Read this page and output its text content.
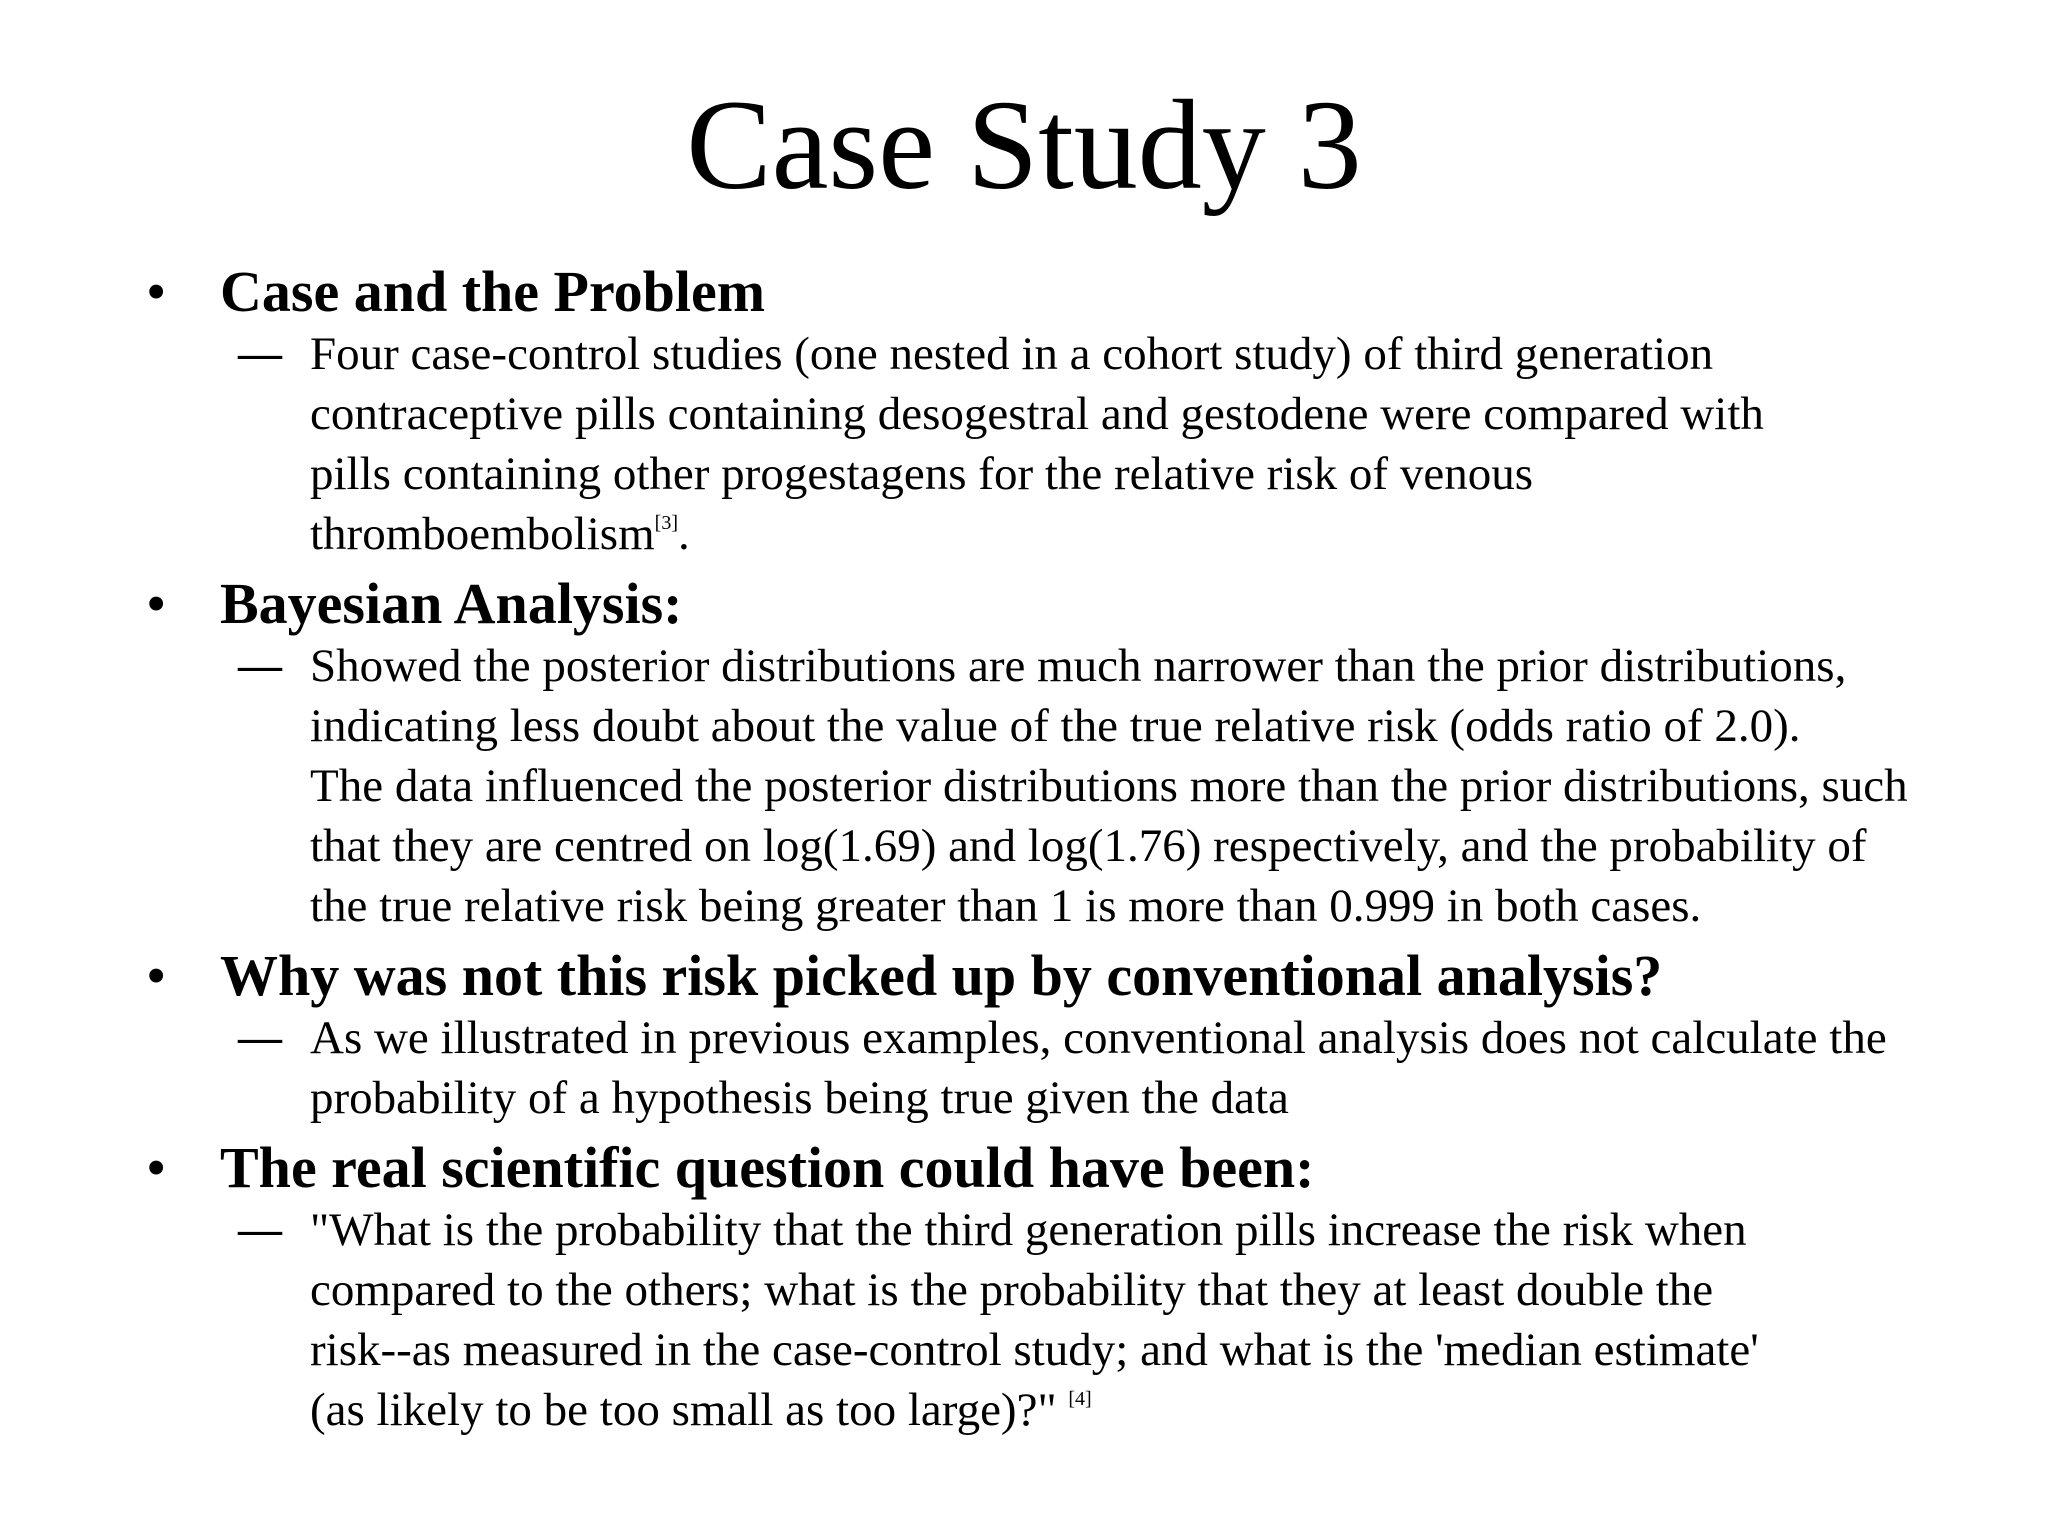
Case Study 3
• Case and the Problem
— Four case-control studies (one nested in a cohort study) of third generation
contraceptive pills containing desogestral and gestodene were compared with
pills containing other progestagens for the relative risk of venous
thromboembolism[3].
• Bayesian Analysis:
— Showed the posterior distributions are much narrower than the prior distributions,
indicating less doubt about the value of the true relative risk (odds ratio of 2.0).
The data influenced the posterior distributions more than the prior distributions, such
that they are centred on log(1.69) and log(1.76) respectively, and the probability of
the true relative risk being greater than 1 is more than 0.999 in both cases.
• Why was not this risk picked up by conventional analysis?
— As we illustrated in previous examples, conventional analysis does not calculate the
probability of a hypothesis being true given the data
• The real scientific question could have been:
— "What is the probability that the third generation pills increase the risk when
compared to the others; what is the probability that they at least double the
risk--as measured in the case-control study; and what is the 'median estimate'
(as likely to be too small as too large)?" [4]
